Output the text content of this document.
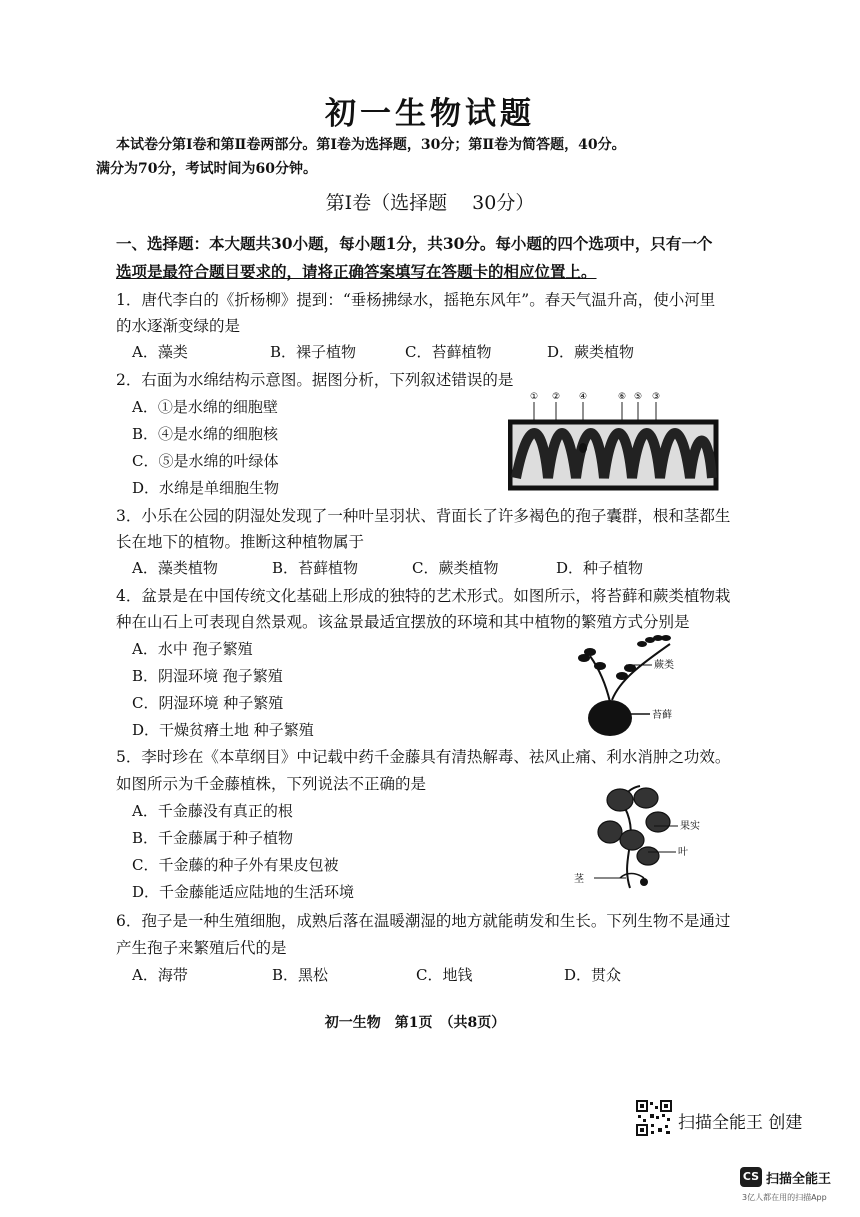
初一生物试题
本试卷分第Ⅰ卷和第Ⅱ卷两部分。第Ⅰ卷为选择题，30分；第Ⅱ卷为简答题，40分。
满分为70分，考试时间为60分钟。
第Ⅰ卷（选择题　 30分）
一、选择题：本大题共30小题，每小题1分，共30分。每小题的四个选项中，只有一个
选项是最符合题目要求的，请将正确答案填写在答题卡的相应位置上。
1．唐代李白的《折杨柳》提到：“垂杨拂绿水，摇艳东风年”。春天气温升高，使小河里
的水逐渐变绿的是
A．藻类	B．裸子植物	C．苔藓植物	D．蕨类植物
2．右面为水绵结构示意图。据图分析，下列叙述错误的是
A．①是水绵的细胞壁
B．④是水绵的细胞核
C．⑤是水绵的叶绿体
D．水绵是单细胞生物
① ② ④	⑥ ⑤ ③
3．小乐在公园的阴湿处发现了一种叶呈羽状、背面长了许多褐色的孢子囊群，根和茎都生
长在地下的植物。推断这种植物属于
A．藻类植物	B．苔藓植物	C．蕨类植物	D．种子植物
4．盆景是在中国传统文化基础上形成的独特的艺术形式。如图所示，将苔藓和蕨类植物栽
种在山石上可表现自然景观。该盆景最适宜摆放的环境和其中植物的繁殖方式分别是
A．水中 孢子繁殖
B．阴湿环境 孢子繁殖
C．阴湿环境 种子繁殖
D．干燥贫瘠土地 种子繁殖
蕨类
苔藓
5．李时珍在《本草纲目》中记载中药千金藤具有清热解毒、祛风止痛、利水消肿之功效。
如图所示为千金藤植株，下列说法不正确的是
A．千金藤没有真正的根
B．千金藤属于种子植物
C．千金藤的种子外有果皮包被
D．千金藤能适应陆地的生活环境
果实
叶
茎
6．孢子是一种生殖细胞，成熟后落在温暖潮湿的地方就能萌发和生长。下列生物不是通过
产生孢子来繁殖后代的是
A．海带	B．黑松	C．地钱	D．贯众
初一生物　第1页　（共8页）
扫描全能王 创建
CS 扫描全能王
3亿人都在用的扫描App
